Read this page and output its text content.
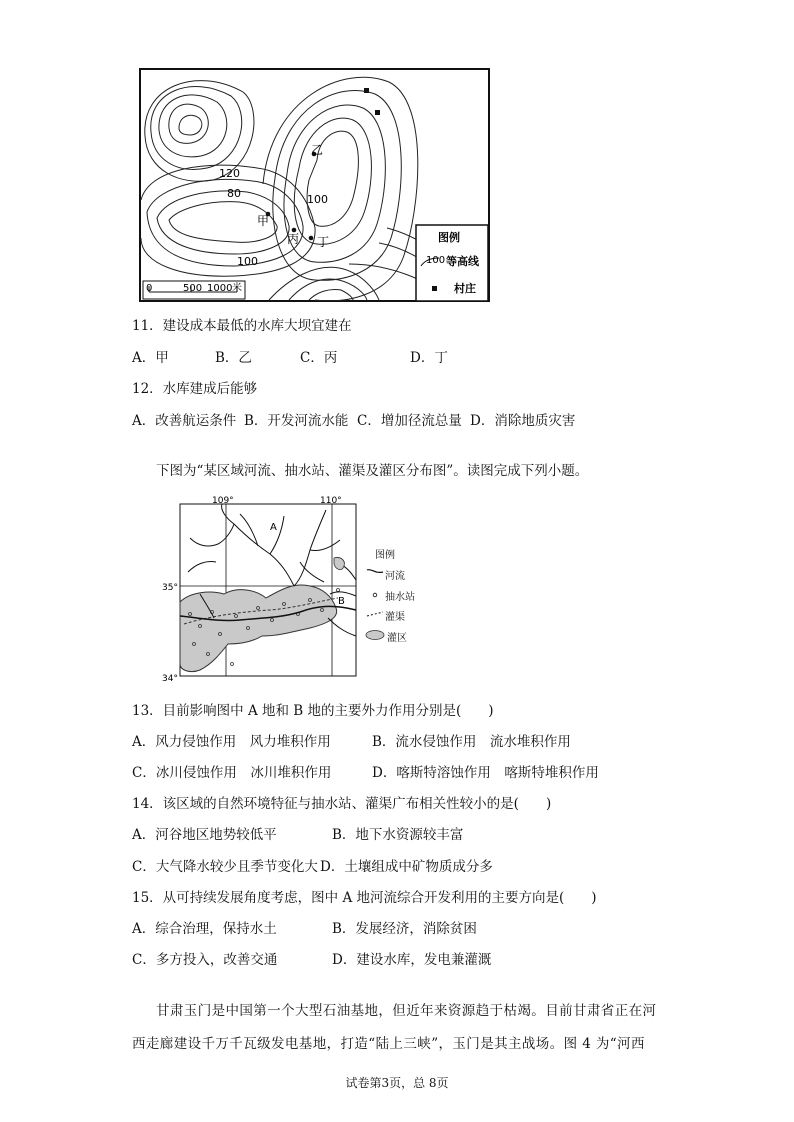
乙
甲
丙 丁
120
80	100
100
图例
100 等高线
村庄
0	500 1000 米
11．建设成本最低的水库大坝宜建在
A．甲	B．乙	C．丙	D．丁
12．水库建成后能够
A．改善航运条件 B．开发河流水能 C．增加径流总量 D．消除地质灾害
下图为“某区域河流、抽水站、灌渠及灌区分布图”。读图完成下列小题。
109°	110°
35°
34°
A
B
图例
河流
抽水站
灌渠
灌区
13．目前影响图中 A 地和 B 地的主要外力作用分别是(　　)
A．风力侵蚀作用　风力堆积作用	B．流水侵蚀作用　流水堆积作用
C．冰川侵蚀作用　冰川堆积作用	D．喀斯特溶蚀作用　喀斯特堆积作用
14．该区域的自然环境特征与抽水站、灌渠广布相关性较小的是(　　)
A．河谷地区地势较低平	B．地下水资源较丰富
C．大气降水较少且季节变化大 D．土壤组成中矿物质成分多
15．从可持续发展角度考虑，图中 A 地河流综合开发利用的主要方向是(　　)
A．综合治理，保持水土	B．发展经济，消除贫困
C．多方投入，改善交通	D．建设水库，发电兼灌溉
甘肃玉门是中国第一个大型石油基地，但近年来资源趋于枯竭。目前甘肃省正在河
西走廊建设千万千瓦级发电基地，打造“陆上三峡”，玉门是其主战场。图 4 为“河西
试卷第3页，总 8页
